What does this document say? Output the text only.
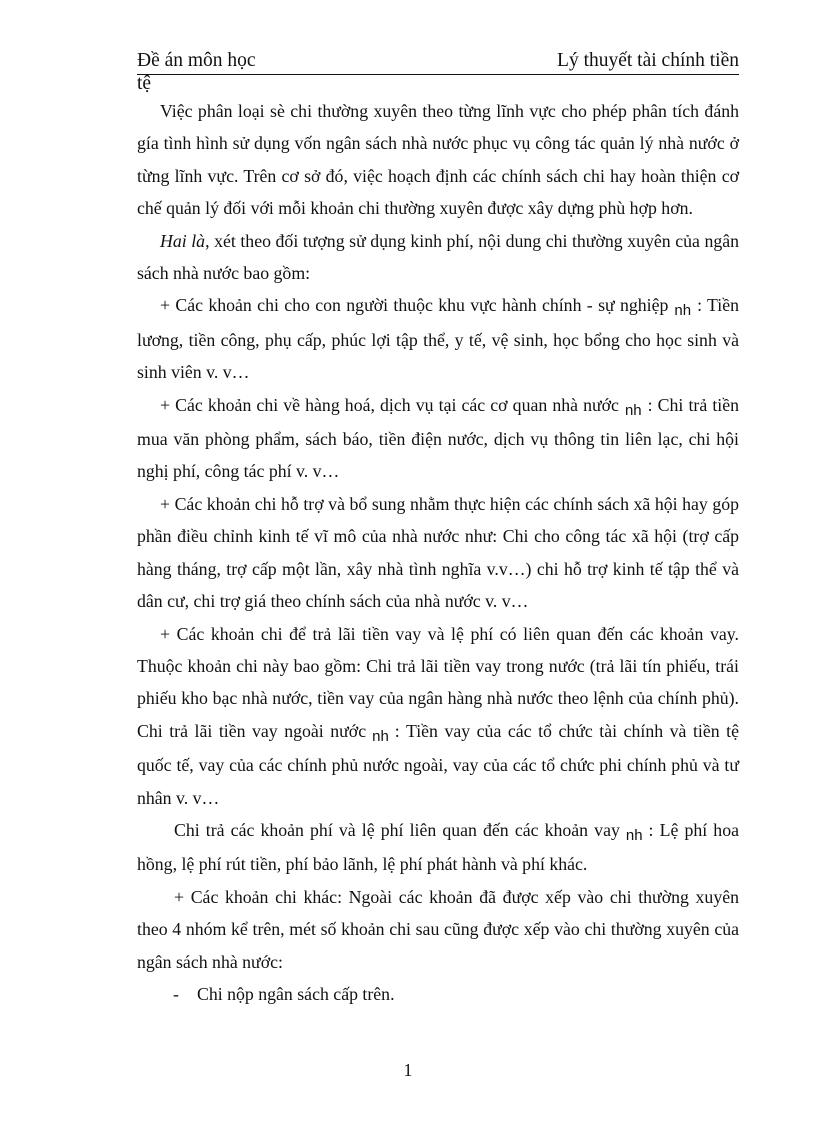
Đề án môn học	Lý thuyết tài chính tiền
tệ

Việc phân loại sè chi thường xuyên theo từng lĩnh vực cho phép phân tích đánh gía tình hình sử dụng vốn ngân sách nhà nước phục vụ công tác quản lý nhà nước ở từng lĩnh vực. Trên cơ sở đó, việc hoạch định các chính sách chi hay hoàn thiện cơ chế quản lý đối với mỗi khoản chi thường xuyên được xây dựng phù hợp hơn.

Hai là, xét theo đối tượng sử dụng kinh phí, nội dung chi thường xuyên của ngân sách nhà nước bao gồm:

+ Các khoản chi cho con người thuộc khu vực hành chính - sự nghiệp $_{nh}$ : Tiền lương, tiền công, phụ cấp, phúc lợi tập thể, y tế, vệ sinh, học bổng cho học sinh và sinh viên v. v…

+ Các khoản chi về hàng hoá, dịch vụ tại các cơ quan nhà nước $_{nh}$ : Chi trả tiền mua văn phòng phẩm, sách báo, tiền điện nước, dịch vụ thông tin liên lạc, chi hội nghị phí, công tác phí v. v…

+ Các khoản chi hỗ trợ và bổ sung nhằm thực hiện các chính sách xã hội hay góp phần điều chỉnh kinh tế vĩ mô của nhà nước như: Chi cho công tác xã hội (trợ cấp hàng tháng, trợ cấp một lần, xây nhà tình nghĩa v.v…) chi hỗ trợ kinh tế tập thể và dân cư, chi trợ giá theo chính sách của nhà nước v. v…

+ Các khoản chi để trả lãi tiền vay và lệ phí có liên quan đến các khoản vay. Thuộc khoản chi này bao gồm: Chi trả lãi tiền vay trong nước (trả lãi tín phiếu, trái phiếu kho bạc nhà nước, tiền vay của ngân hàng nhà nước theo lệnh của chính phủ). Chi trả lãi tiền vay ngoài nước $_{nh}$ : Tiền vay của các tổ chức tài chính và tiền tệ quốc tế, vay của các chính phủ nước ngoài, vay của các tổ chức phi chính phủ và tư nhân v. v…

Chi trả các khoản phí và lệ phí liên quan đến các khoản vay $_{nh}$ : Lệ phí hoa hồng, lệ phí rút tiền, phí bảo lãnh, lệ phí phát hành và phí khác.

+ Các khoản chi khác: Ngoài các khoản đã được xếp vào chi thường xuyên theo 4 nhóm kể trên, mét số khoản chi sau cũng được xếp vào chi thường xuyên của ngân sách nhà nước:

- Chi nộp ngân sách cấp trên.

1
